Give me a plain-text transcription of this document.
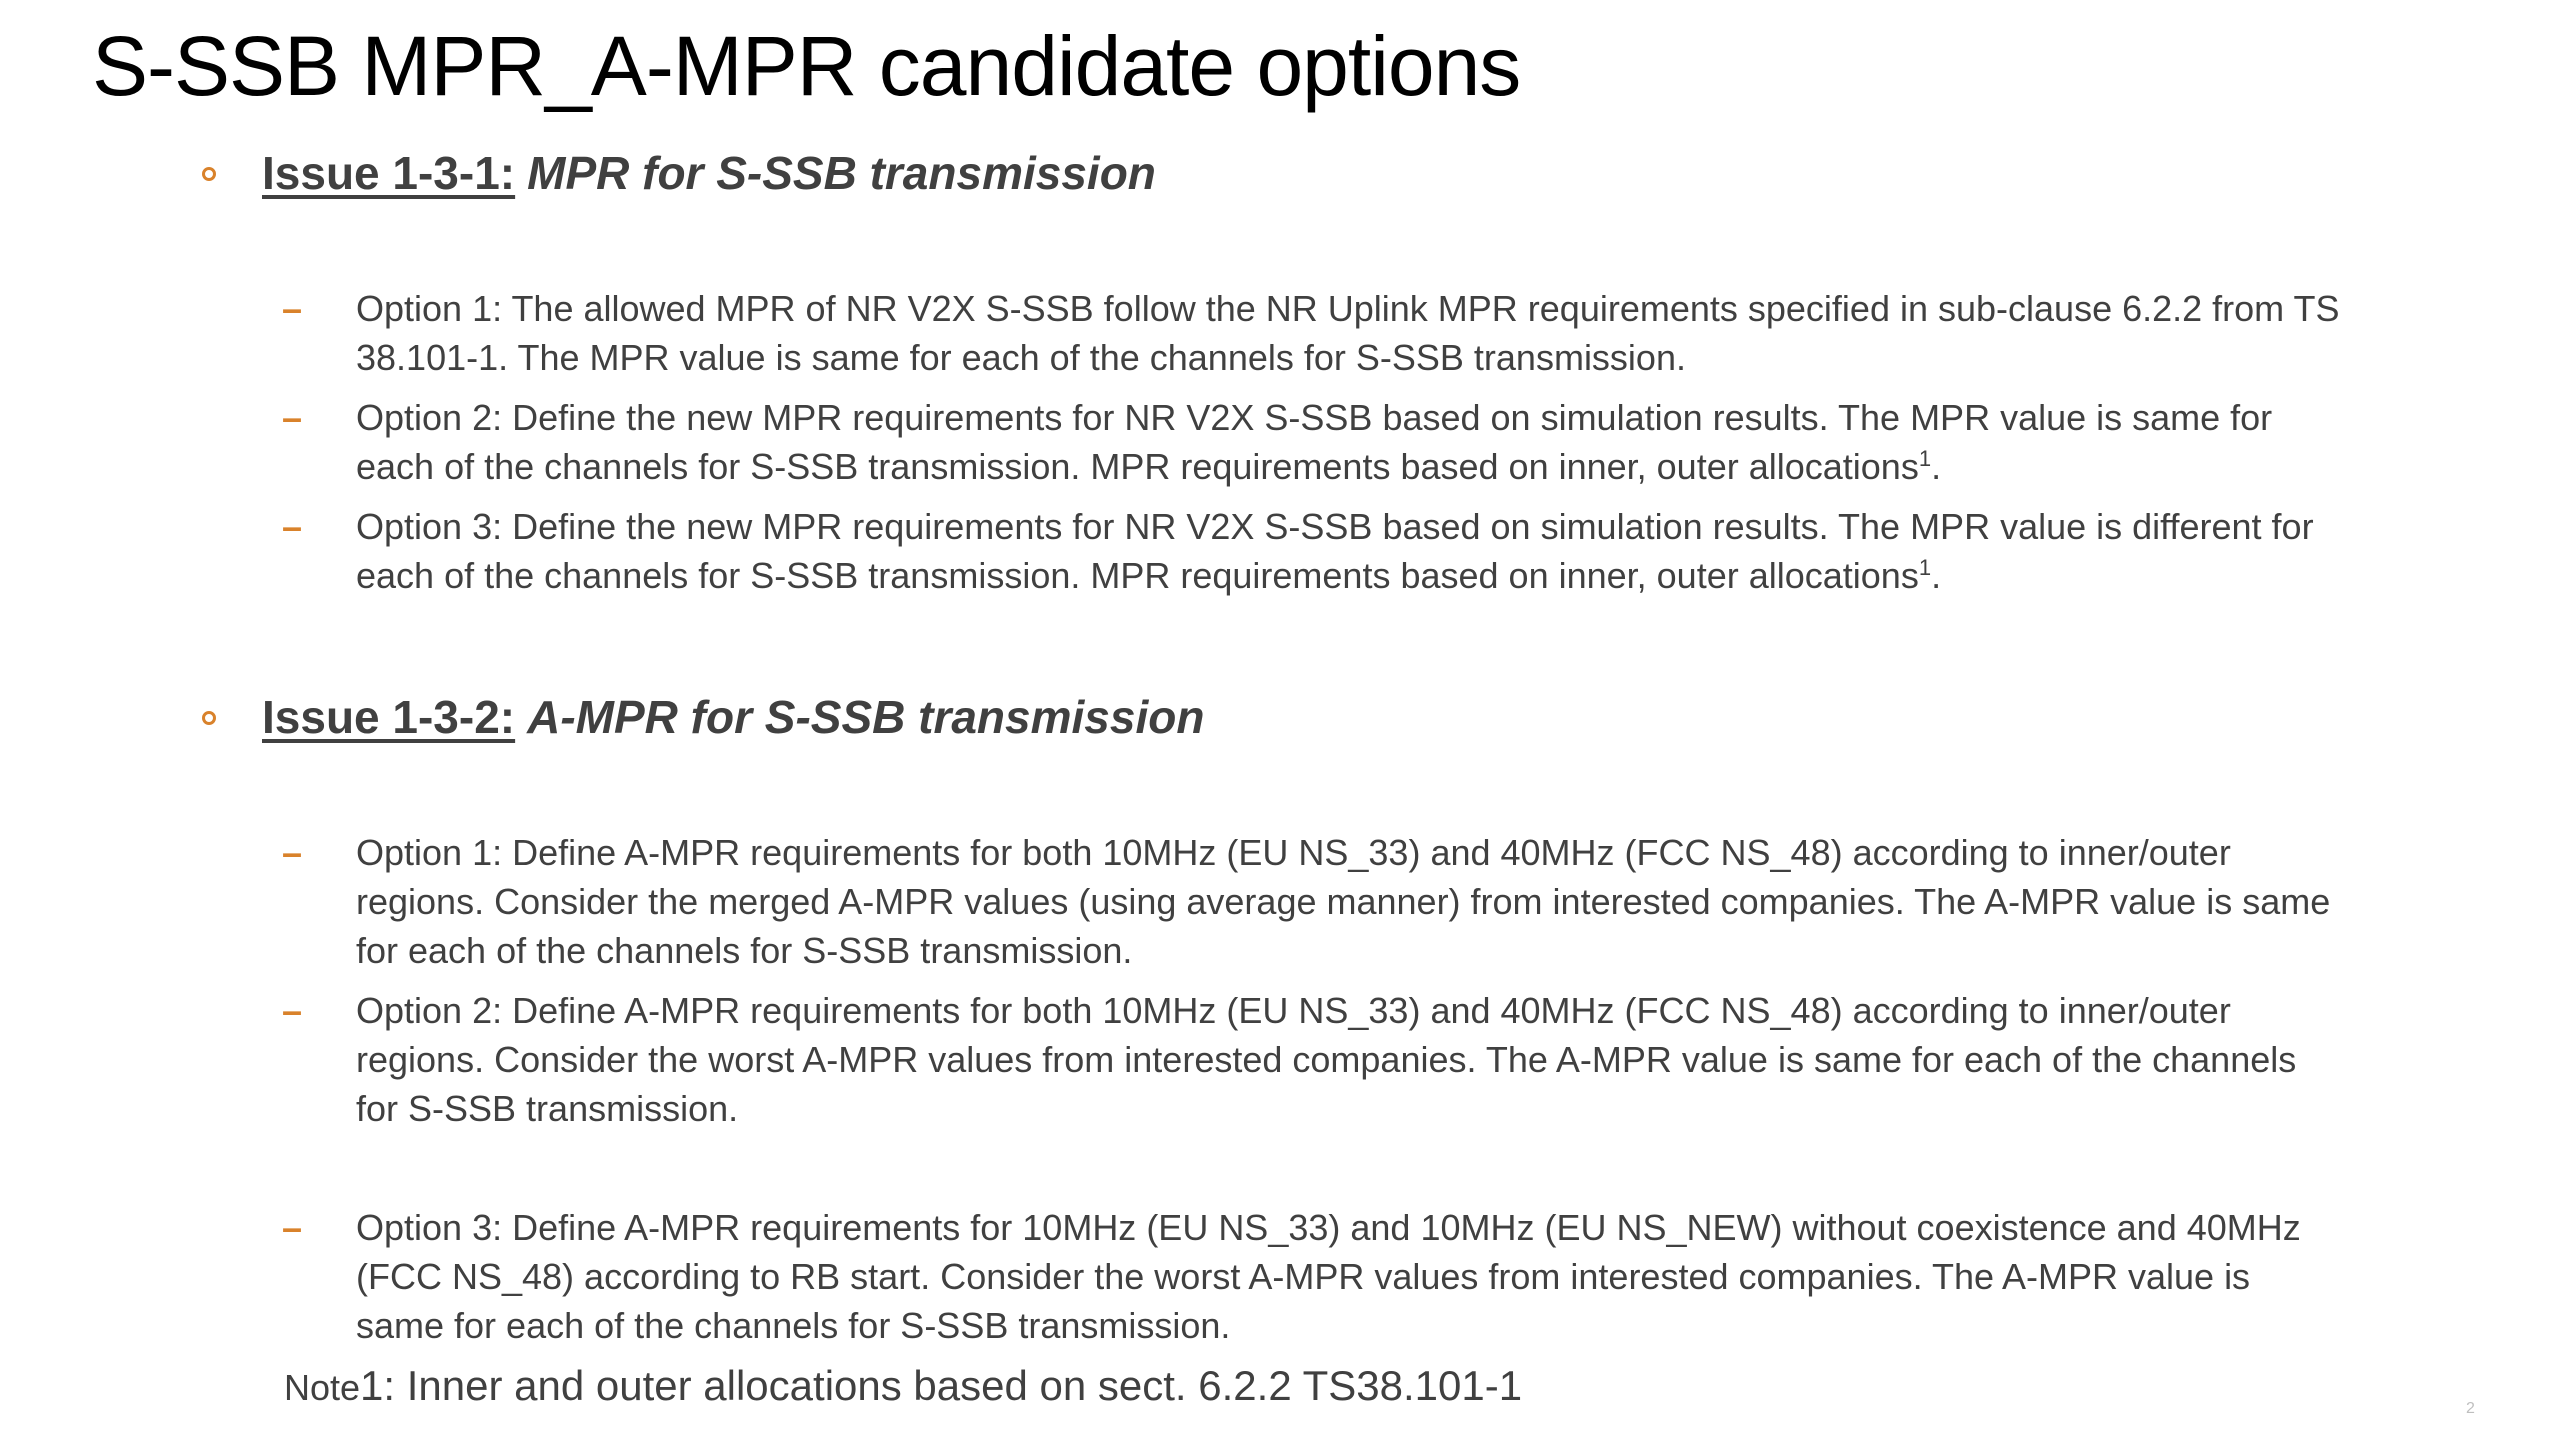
S-SSB MPR_A-MPR candidate options
Issue 1-3-1: MPR for S-SSB transmission
–	Option 1: The allowed MPR of NR V2X S-SSB follow the NR Uplink MPR requirements specified in sub-clause 6.2.2 from TS 38.101-1. The MPR value is same for each of the channels for S-SSB transmission.
–	Option 2: Define the new MPR requirements for NR V2X S-SSB based on simulation results. The MPR value is same for each of the channels for S-SSB transmission. MPR requirements based on inner, outer allocations$^1$.
–	Option 3: Define the new MPR requirements for NR V2X S-SSB based on simulation results. The MPR value is different for each of the channels for S-SSB transmission. MPR requirements based on inner, outer allocations$^1$.
Issue 1-3-2: A-MPR for S-SSB transmission
–	Option 1: Define A-MPR requirements for both 10MHz (EU NS_33) and 40MHz (FCC NS_48) according to inner/outer regions. Consider the merged A-MPR values (using average manner) from interested companies. The A-MPR value is same for each of the channels for S-SSB transmission.
–	Option 2: Define A-MPR requirements for both 10MHz (EU NS_33) and 40MHz (FCC NS_48) according to inner/outer regions. Consider the worst A-MPR values from interested companies. The A-MPR value is same for each of the channels for S-SSB transmission.
–	Option 3: Define A-MPR requirements for 10MHz (EU NS_33) and 10MHz (EU NS_NEW) without coexistence and 40MHz (FCC NS_48) according to RB start. Consider the worst A-MPR values from interested companies. The A-MPR value is same for each of the channels for S-SSB transmission.
Note1: Inner and outer allocations based on sect. 6.2.2 TS38.101-1	2
